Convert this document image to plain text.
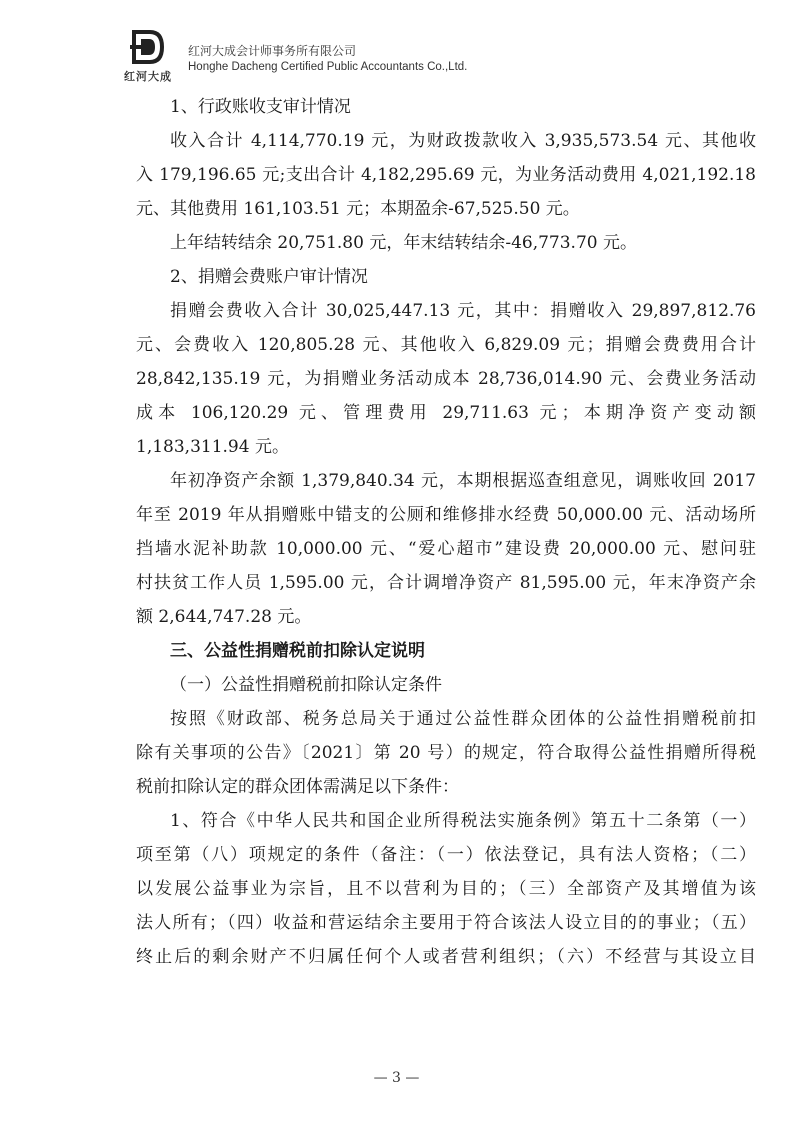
红河大成
红河大成会计师事务所有限公司
Honghe Dacheng Certified Public Accountants Co.,Ltd.

1、行政账收支审计情况

收入合计 4,114,770.19 元，为财政拨款收入 3,935,573.54 元、其他收

入 179,196.65 元;支出合计 4,182,295.69 元，为业务活动费用 4,021,192.18

元、其他费用 161,103.51 元；本期盈余-67,525.50 元。

上年结转结余 20,751.80 元，年末结转结余-46,773.70 元。

2、捐赠会费账户审计情况

捐赠会费收入合计 30,025,447.13 元，其中：捐赠收入 29,897,812.76

元、会费收入 120,805.28 元、其他收入 6,829.09 元；捐赠会费费用合计

28,842,135.19 元，为捐赠业务活动成本 28,736,014.90 元、会费业务活动

成本 106,120.29 元、管理费用 29,711.63 元；本期净资产变动额

1,183,311.94 元。

年初净资产余额 1,379,840.34 元，本期根据巡查组意见，调账收回 2017

年至 2019 年从捐赠账中错支的公厕和维修排水经费 50,000.00 元、活动场所

挡墙水泥补助款 10,000.00 元、“爱心超市”建设费 20,000.00 元、慰问驻

村扶贫工作人员 1,595.00 元，合计调增净资产 81,595.00 元，年末净资产余

额 2,644,747.28 元。

三、公益性捐赠税前扣除认定说明

（一）公益性捐赠税前扣除认定条件

按照《财政部、税务总局关于通过公益性群众团体的公益性捐赠税前扣

除有关事项的公告》〔2021〕第 20 号）的规定，符合取得公益性捐赠所得税

税前扣除认定的群众团体需满足以下条件：

1、符合《中华人民共和国企业所得税法实施条例》第五十二条第（一）

项至第（八）项规定的条件（备注：（一）依法登记，具有法人资格；（二）

以发展公益事业为宗旨，且不以营利为目的；（三）全部资产及其增值为该

法人所有；（四）收益和营运结余主要用于符合该法人设立目的的事业；（五）

终止后的剩余财产不归属任何个人或者营利组织；（六）不经营与其设立目

— 3 —
